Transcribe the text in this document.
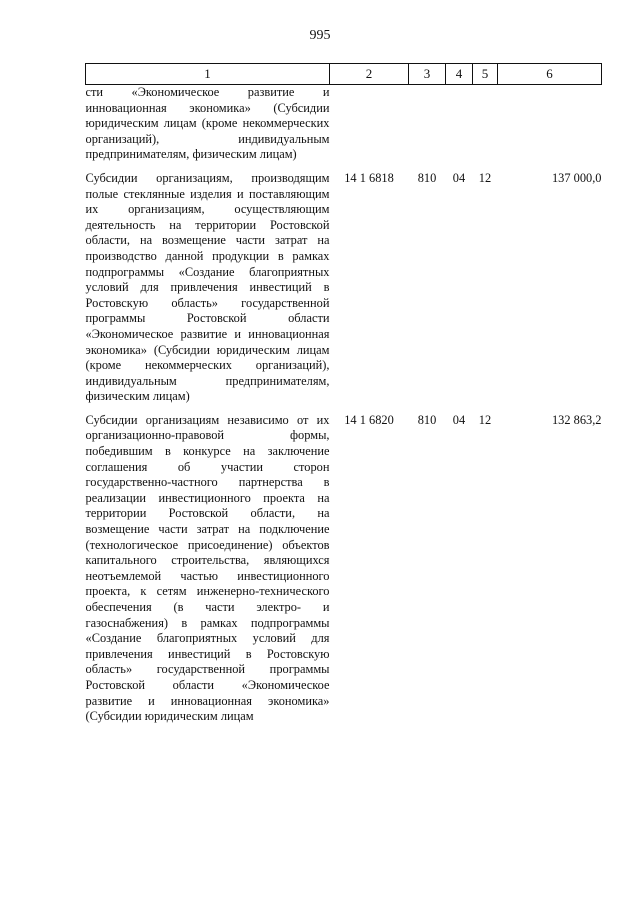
995
1	2	3	4	5	6
сти «Экономическое развитие и инновационная экономика» (Субсидии юридическим лицам (кроме некоммерческих организаций), индивидуальным предпринимателям, физическим лицам)					

Субсидии организациям, производящим полые стеклянные изделия и поставляющим их организациям, осуществляющим деятельность на территории Ростовской области, на возмещение части затрат на производство данной продукции в рамках подпрограммы «Создание благоприятных условий для привлечения инвестиций в Ростовскую область» государственной программы Ростовской области «Экономическое развитие и инновационная экономика» (Субсидии юридическим лицам (кроме некоммерческих организаций), индивидуальным предпринимателям, физическим лицам)	14 1 6818	810	04	12	137 000,0

Субсидии организациям независимо от их организационно-правовой формы, победившим в конкурсе на заключение соглашения об участии сторон государственно-частного партнерства в реализации инвестиционного проекта на территории Ростовской области, на возмещение части затрат на подключение (технологическое присоединение) объектов капитального строительства, являющихся неотъемлемой частью инвестиционного проекта, к сетям инженерно-технического обеспечения (в части электро- и газоснабжения) в рамках подпрограммы «Создание благоприятных условий для привлечения инвестиций в Ростовскую область» государственной программы Ростовской области «Экономическое развитие и инновационная экономика» (Субсидии юридическим лицам	14 1 6820	810	04	12	132 863,2
